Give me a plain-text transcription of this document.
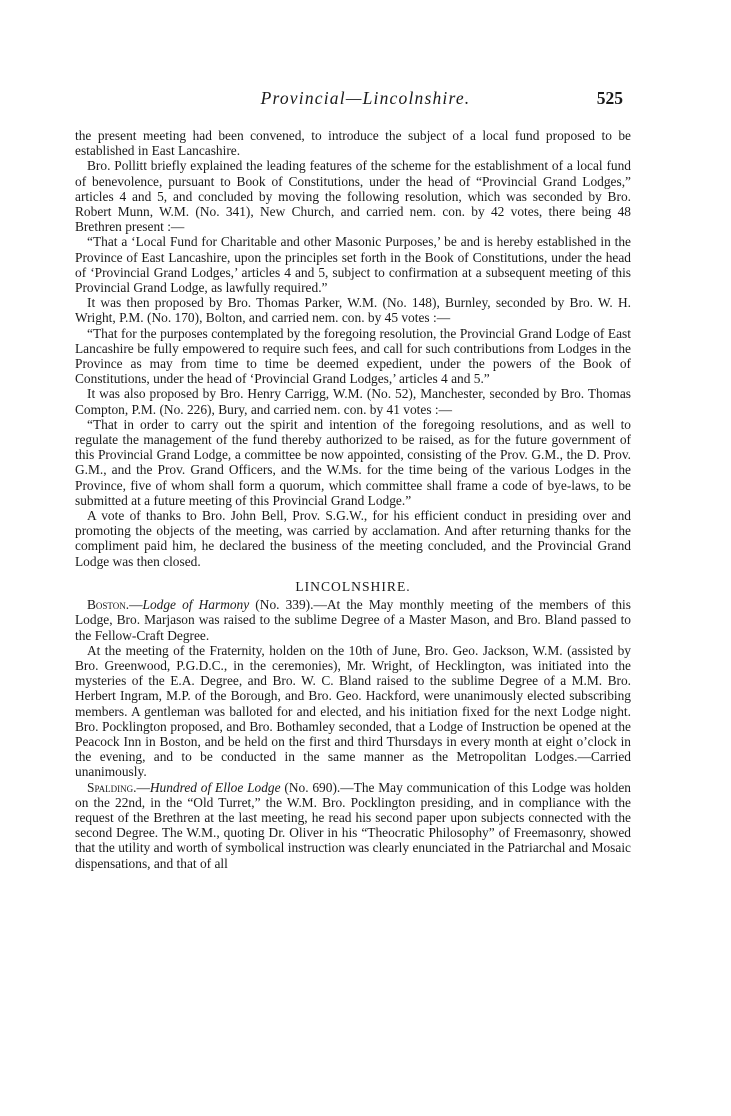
Provincial—Lincolnshire.	525

the present meeting had been convened, to introduce the subject of a local fund proposed to be established in East Lancashire.

Bro. Pollitt briefly explained the leading features of the scheme for the establishment of a local fund of benevolence, pursuant to Book of Constitutions, under the head of “Provincial Grand Lodges,” articles 4 and 5, and concluded by moving the following resolution, which was seconded by Bro. Robert Munn, W.M. (No. 341), New Church, and carried nem. con. by 42 votes, there being 48 Brethren present :—

“That a ‘Local Fund for Charitable and other Masonic Purposes,’ be and is hereby established in the Province of East Lancashire, upon the principles set forth in the Book of Constitutions, under the head of ‘Provincial Grand Lodges,’ articles 4 and 5, subject to confirmation at a subsequent meeting of this Provincial Grand Lodge, as lawfully required.”

It was then proposed by Bro. Thomas Parker, W.M. (No. 148), Burnley, seconded by Bro. W. H. Wright, P.M. (No. 170), Bolton, and carried nem. con. by 45 votes :—

“That for the purposes contemplated by the foregoing resolution, the Provincial Grand Lodge of East Lancashire be fully empowered to require such fees, and call for such contributions from Lodges in the Province as may from time to time be deemed expedient, under the powers of the Book of Constitutions, under the head of ‘Provincial Grand Lodges,’ articles 4 and 5.”

It was also proposed by Bro. Henry Carrigg, W.M. (No. 52), Manchester, seconded by Bro. Thomas Compton, P.M. (No. 226), Bury, and carried nem. con. by 41 votes :—

“That in order to carry out the spirit and intention of the foregoing resolutions, and as well to regulate the management of the fund thereby authorized to be raised, as for the future government of this Provincial Grand Lodge, a committee be now appointed, consisting of the Prov. G.M., the D. Prov. G.M., and the Prov. Grand Officers, and the W.Ms. for the time being of the various Lodges in the Province, five of whom shall form a quorum, which committee shall frame a code of bye-laws, to be submitted at a future meeting of this Provincial Grand Lodge.”

A vote of thanks to Bro. John Bell, Prov. S.G.W., for his efficient conduct in presiding over and promoting the objects of the meeting, was carried by acclamation. And after returning thanks for the compliment paid him, he declared the business of the meeting concluded, and the Provincial Grand Lodge was then closed.

LINCOLNSHIRE.

Boston.—Lodge of Harmony (No. 339).—At the May monthly meeting of the members of this Lodge, Bro. Marjason was raised to the sublime Degree of a Master Mason, and Bro. Bland passed to the Fellow-Craft Degree.

At the meeting of the Fraternity, holden on the 10th of June, Bro. Geo. Jackson, W.M. (assisted by Bro. Greenwood, P.G.D.C., in the ceremonies), Mr. Wright, of Hecklington, was initiated into the mysteries of the E.A. Degree, and Bro. W. C. Bland raised to the sublime Degree of a M.M. Bro. Herbert Ingram, M.P. of the Borough, and Bro. Geo. Hackford, were unanimously elected subscribing members. A gentleman was balloted for and elected, and his initiation fixed for the next Lodge night. Bro. Pocklington proposed, and Bro. Bothamley seconded, that a Lodge of Instruction be opened at the Peacock Inn in Boston, and be held on the first and third Thursdays in every month at eight o’clock in the evening, and to be conducted in the same manner as the Metropolitan Lodges.—Carried unanimously.

Spalding.—Hundred of Elloe Lodge (No. 690).—The May communication of this Lodge was holden on the 22nd, in the “Old Turret,” the W.M. Bro. Pocklington presiding, and in compliance with the request of the Brethren at the last meeting, he read his second paper upon subjects connected with the second Degree. The W.M., quoting Dr. Oliver in his “Theocratic Philosophy” of Freemasonry, showed that the utility and worth of symbolical instruction was clearly enunciated in the Patriarchal and Mosaic dispensations, and that of all
